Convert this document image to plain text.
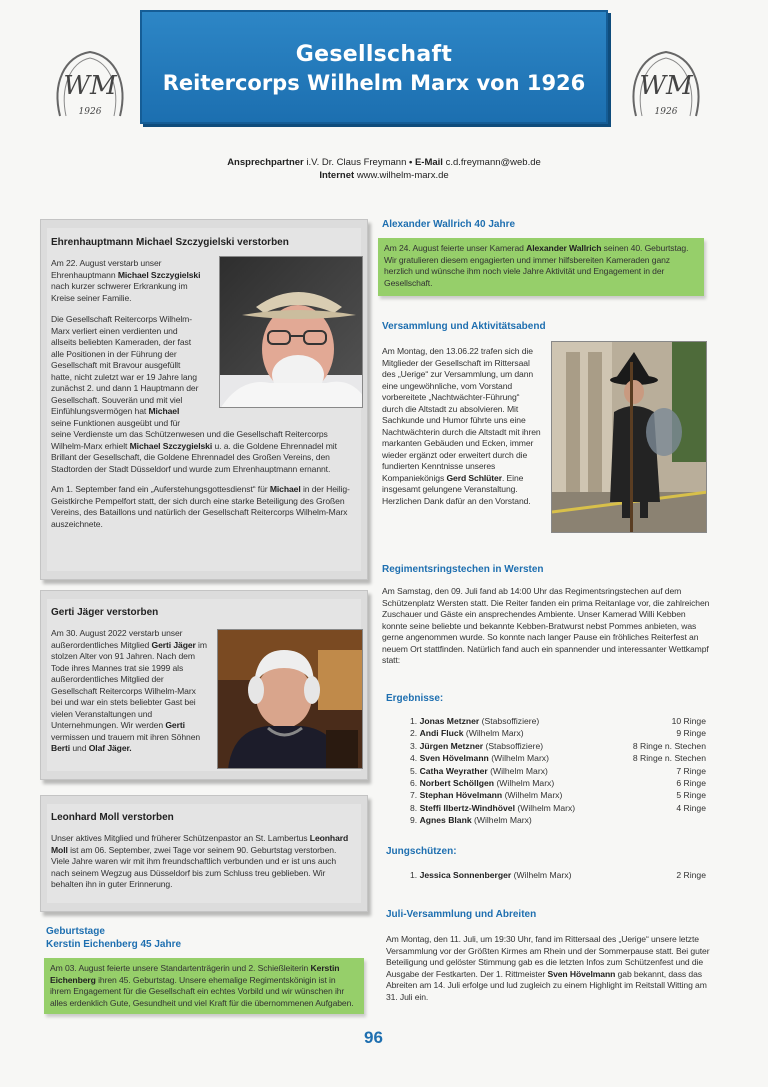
WM
1926
WM
1926
Gesellschaft
Reitercorps Wilhelm Marx von 1926
Ansprechpartner i.V. Dr. Claus Freymann • E-Mail c.d.freymann@web.de
Internet www.wilhelm-marx.de
Ehrenhauptmann Michael Szczygielski verstorben
Am 22. August verstarb unser Ehrenhauptmann Michael Szczygielski nach kurzer schwerer Erkrankung im Kreise seiner Familie.
Die Gesellschaft Reitercorps Wilhelm-Marx verliert einen verdienten und allseits beliebten Kameraden, der fast alle Positionen in der Führung der Gesellschaft mit Bravour ausgefüllt hatte, nicht zuletzt war er 19 Jahre lang zunächst 2. und dann 1 Hauptmann der Gesellschaft. Souverän und mit viel Einfühlungsvermögen hat Michael seine Funktionen ausgeübt und für seine Verdienste um das Schützenwesen und die Gesellschaft Reitercorps Wilhelm-Marx erhielt Michael Szczygielski u. a. die Goldene Ehrennadel mit Brillant der Gesellschaft, die Goldene Ehrennadel des Großen Vereins, den Stadtorden der Stadt Düsseldorf und wurde zum Ehrenhauptmann ernannt.
Am 1. September fand ein „Auferstehungsgottesdienst“ für Michael in der Heilig-Geistkirche Pempelfort statt, der sich durch eine starke Beteiligung des Großen Vereins, des Bataillons und natürlich der Gesellschaft Reitercorps Wilhelm-Marx auszeichnete.
Gerti Jäger verstorben
Am 30. August 2022 verstarb unser außerordentliches Mitglied Gerti Jäger im stolzen Alter von 91 Jahren. Nach dem Tode ihres Mannes trat sie 1999 als außerordentliches Mitglied der Gesellschaft Reitercorps Wilhelm-Marx bei und war ein stets beliebter Gast bei vielen Veranstaltungen und Unternehmungen. Wir werden Gerti vermissen und trauern mit ihren Söhnen Berti und Olaf Jäger.
Leonhard Moll verstorben
Unser aktives Mitglied und früherer Schützenpastor an St. Lambertus Leonhard Moll ist am 06. September, zwei Tage vor seinem 90. Geburtstag verstorben. Viele Jahre waren wir mit ihm freundschaftlich verbunden und er ist uns auch nach seinem Wegzug aus Düsseldorf bis zum Schluss treu geblieben. Wir behalten ihn in guter Erinnerung.
Geburtstage
Kerstin Eichenberg 45 Jahre
Am 03. August feierte unsere Standartenträgerin und 2. Schießleiterin Kerstin Eichenberg ihren 45. Geburtstag. Unsere ehemalige Regimentskönigin ist in ihrem Engagement für die Gesellschaft ein echtes Vorbild und wir wünschen ihr alles erdenklich Gute, Gesundheit und viel Kraft für die übernommenen Aufgaben.
Alexander Wallrich 40 Jahre
Am 24. August feierte unser Kamerad Alexander Wallrich seinen 40. Geburtstag. Wir gratulieren diesem engagierten und immer hilfsbereiten Kameraden ganz herzlich und wünsche ihm noch viele Jahre Aktivität und Engagement in der Gesellschaft.
Versammlung und Aktivitätsabend
Am Montag, den 13.06.22 trafen sich die Mitglieder der Gesellschaft im Rittersaal des „Uerige“ zur Versammlung, um dann eine ungewöhnliche, vom Vorstand vorbereitete „Nachtwächter-Führung“ durch die Altstadt zu absolvieren. Mit Sachkunde und Humor führte uns eine Nachtwächterin durch die Altstadt mit ihren markanten Gebäuden und Ecken, immer wieder ergänzt oder erweitert durch die fundierten Kenntnisse unseres Kompaniekönigs Gerd Schlüter. Eine insgesamt gelungene Veranstaltung. Herzlichen Dank dafür an den Vorstand.
Regimentsringstechen in Wersten
Am Samstag, den 09. Juli fand ab 14:00 Uhr das Regimentsringstechen auf dem Schützenplatz Wersten statt. Die Reiter fanden ein prima Reitanlage vor, die zahlreichen Zuschauer und Gäste ein ansprechendes Ambiente. Unser Kamerad Willi Kebben konnte seine beliebte und bekannte Kebben-Bratwurst nebst Pommes anbieten, was gerne angenommen wurde. So konnte nach langer Pause ein fröhliches Reiterfest an neuem Ort stattfinden. Natürlich fand auch ein spannender und interessanter Wettkampf statt:
Ergebnisse:
1. Jonas Metzner (Stabsoffiziere)	10 Ringe
2. Andi Fluck (Wilhelm Marx)	9 Ringe
3. Jürgen Metzner (Stabsoffiziere)	8 Ringe n. Stechen
4. Sven Hövelmann (Wilhelm Marx)	8 Ringe n. Stechen
5. Catha Weyrather (Wilhelm Marx)	7 Ringe
6. Norbert Schöllgen (Wilhelm Marx)	6 Ringe
7. Stephan Hövelmann (Wilhelm Marx)	5 Ringe
8. Steffi Ilbertz-Windhövel (Wilhelm Marx)	4 Ringe
9. Agnes Blank (Wilhelm Marx)
Jungschützen:
1. Jessica Sonnenberger (Wilhelm Marx)	2 Ringe
Juli-Versammlung und Abreiten
Am Montag, den 11. Juli, um 19:30 Uhr, fand im Rittersaal des „Uerige“ unsere letzte Versammlung vor der Größten Kirmes am Rhein und der Sommerpause statt. Bei guter Beteiligung und gelöster Stimmung gab es die letzten Infos zum Schützenfest und die Ausgabe der Festkarten. Der 1. Rittmeister Sven Hövelmann gab bekannt, dass das Abreiten am 14. Juli erfolge und lud zugleich zu einem Highlight im Reitstall Witting am 31. Juli ein.
96
